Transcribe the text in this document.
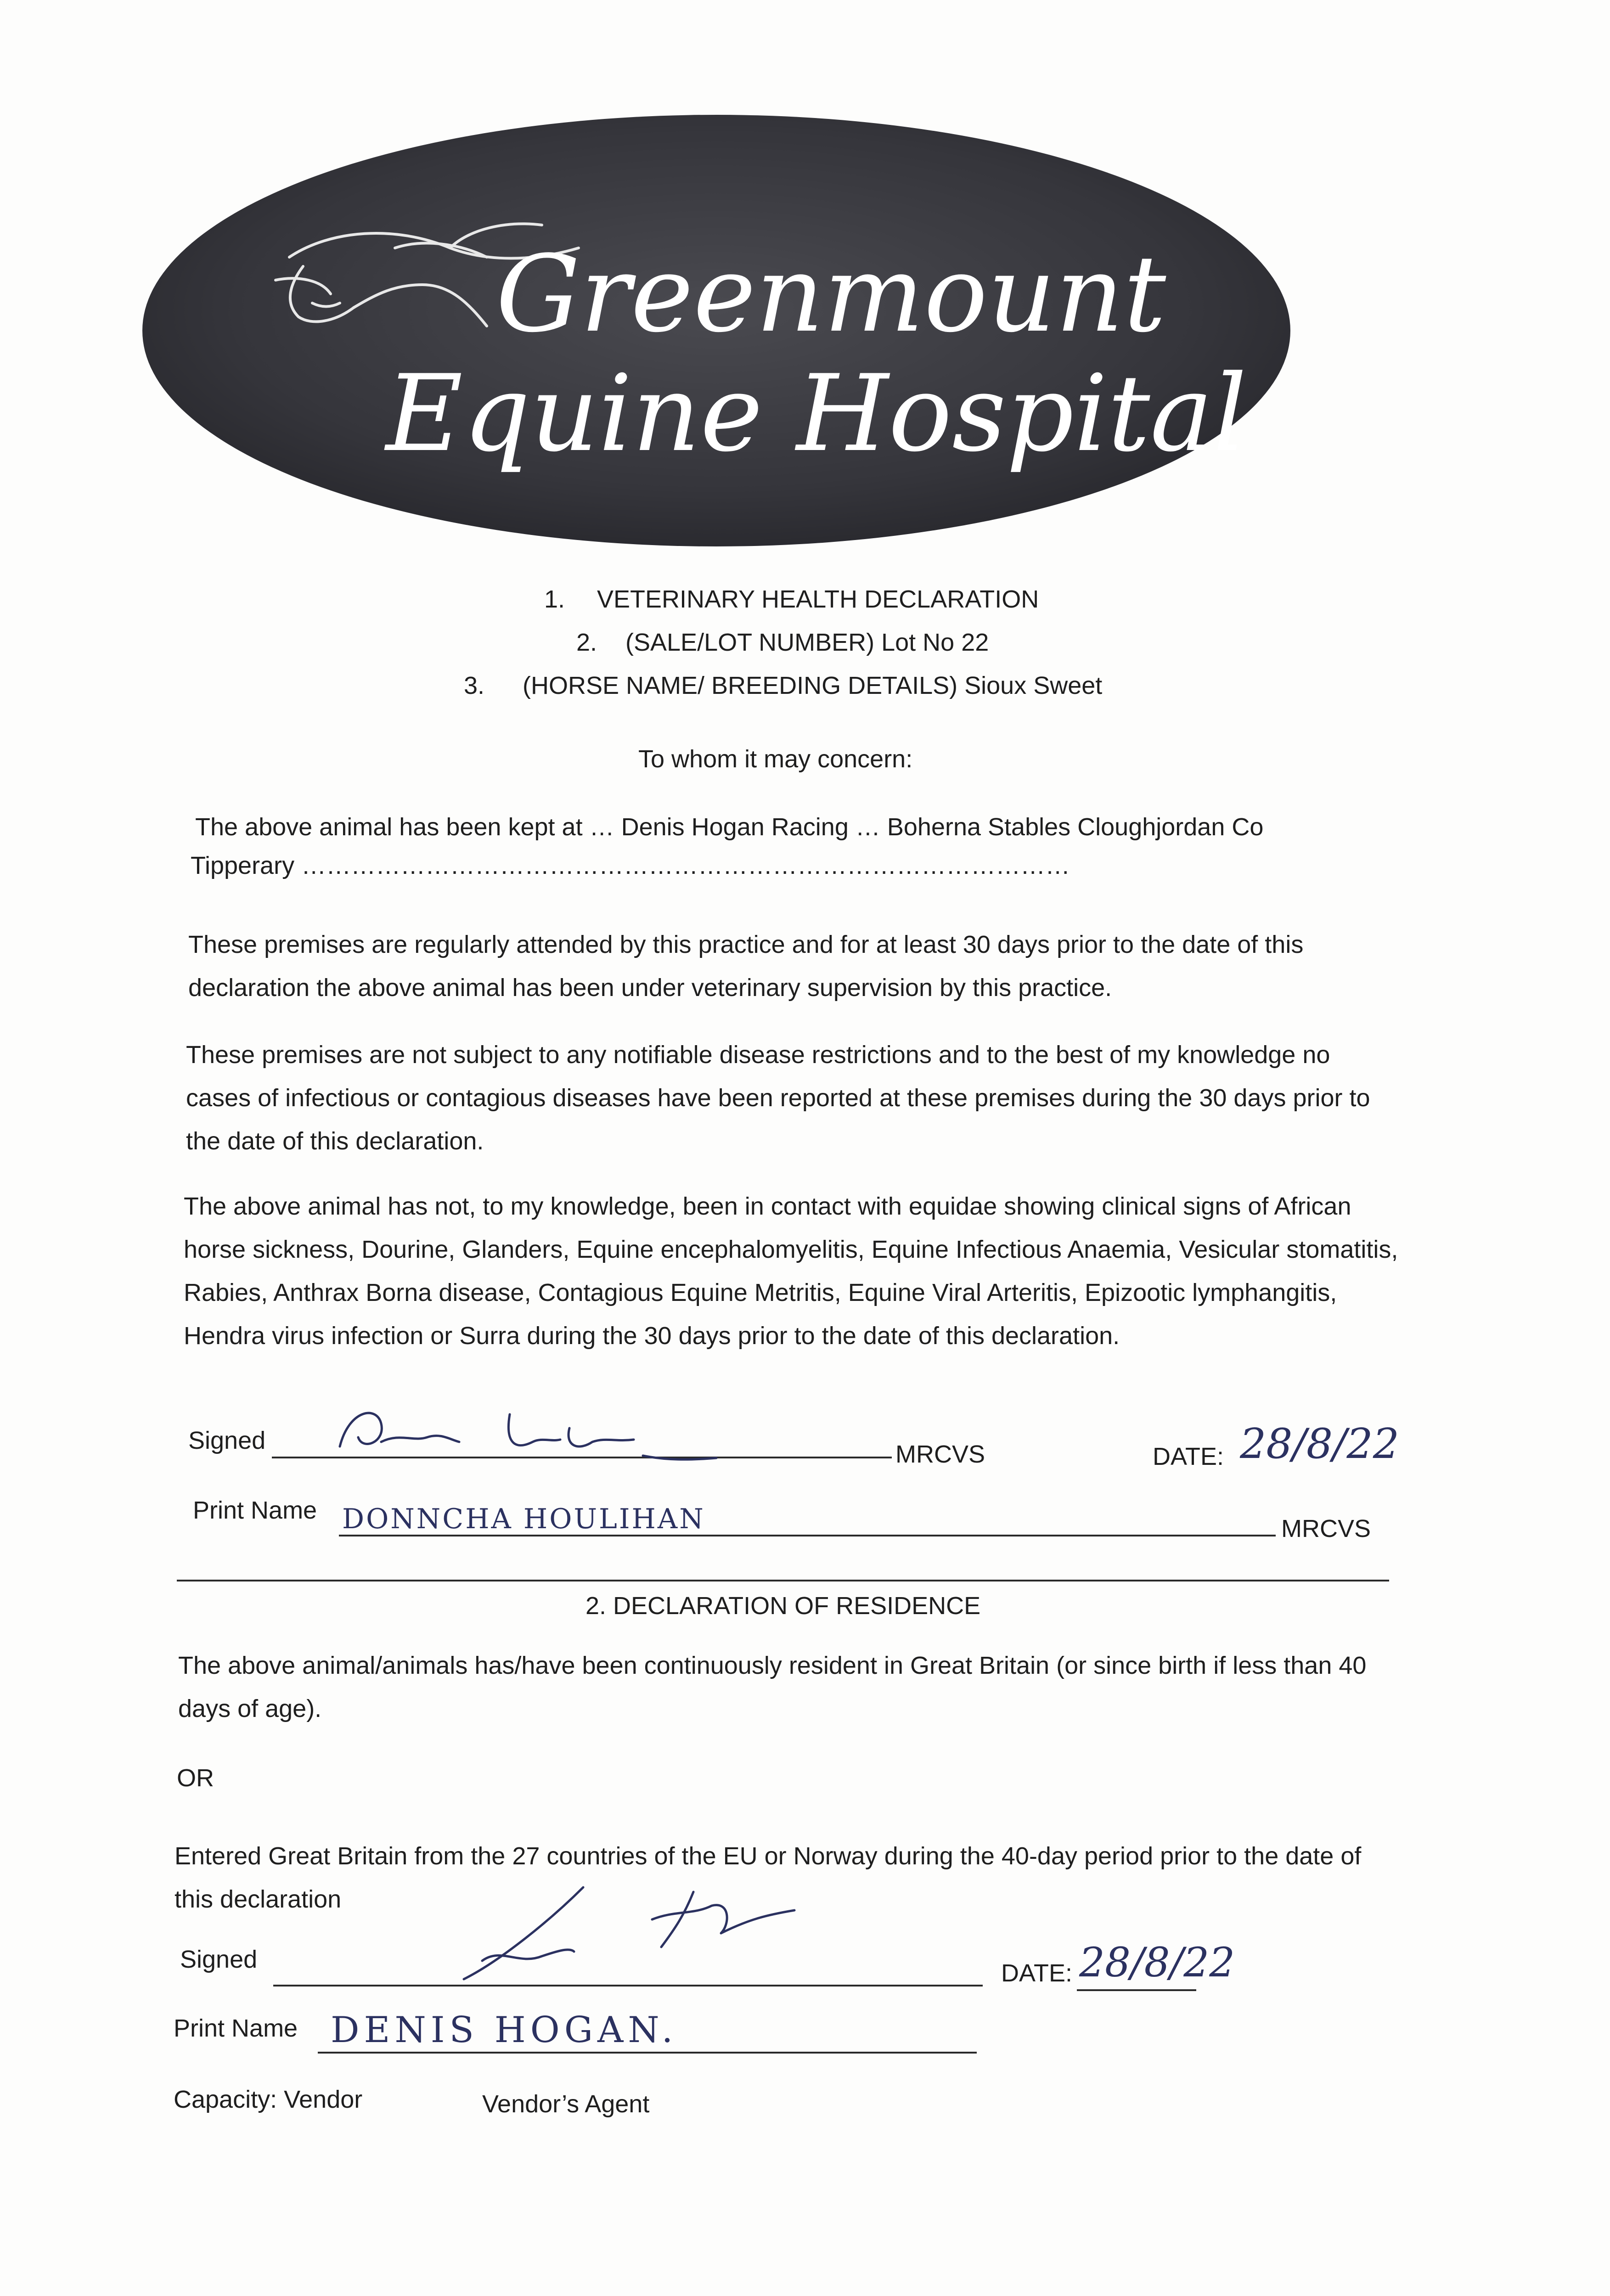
Greenmount
Equine Hospital
1. VETERINARY HEALTH DECLARATION
2. (SALE/LOT NUMBER) Lot No 22
3. (HORSE NAME/ BREEDING DETAILS) Sioux Sweet
To whom it may concern:
The above animal has been kept at … Denis Hogan Racing … Boherna Stables Cloughjordan Co
Tipperary …………………………………………………………………………………
These premises are regularly attended by this practice and for at least 30 days prior to the date of this declaration the above animal has been under veterinary supervision by this practice.
These premises are not subject to any notifiable disease restrictions and to the best of my knowledge no cases of infectious or contagious diseases have been reported at these premises during the 30 days prior to the date of this declaration.
The above animal has not, to my knowledge, been in contact with equidae showing clinical signs of African horse sickness, Dourine, Glanders, Equine encephalomyelitis, Equine Infectious Anaemia, Vesicular stomatitis, Rabies, Anthrax Borna disease, Contagious Equine Metritis, Equine Viral Arteritis, Epizootic lymphangitis, Hendra virus infection or Surra during the 30 days prior to the date of this declaration.
Signed	MRCVS	DATE: 28/8/22
Print Name DONNCHA HOULIHAN	MRCVS
2. DECLARATION OF RESIDENCE
The above animal/animals has/have been continuously resident in Great Britain (or since birth if less than 40 days of age).
OR
Entered Great Britain from the 27 countries of the EU or Norway during the 40-day period prior to the date of this declaration
Signed	DATE: 28/8/22
Print Name DENIS HOGAN.
Capacity: Vendor	Vendor’s Agent
